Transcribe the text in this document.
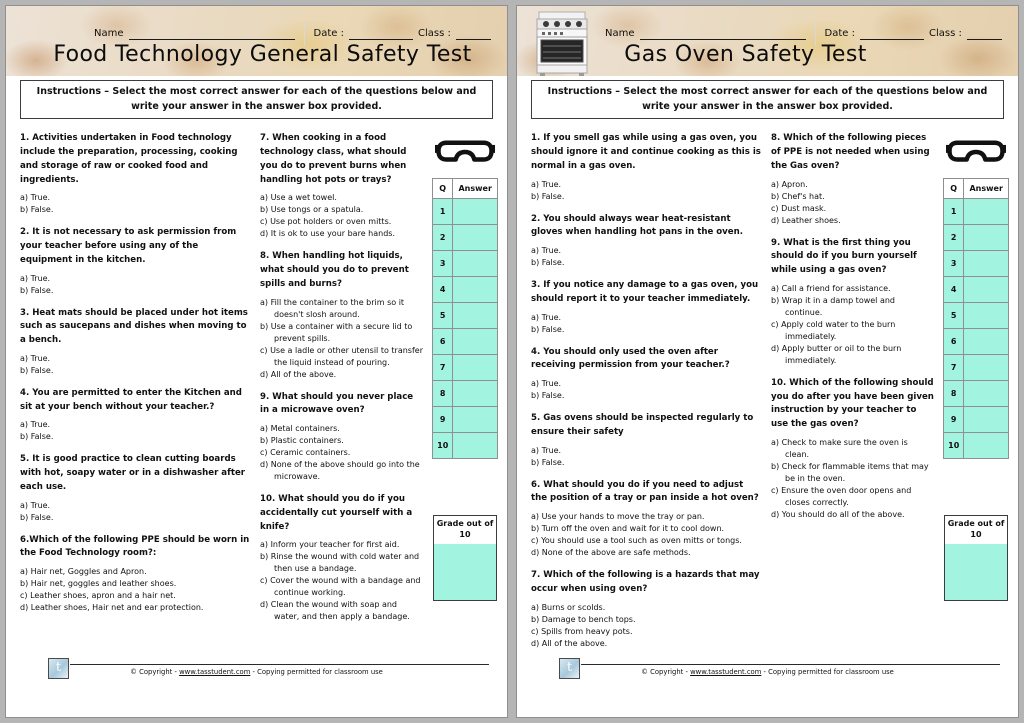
Name	Date :	Class :
Food Technology General Safety Test
Instructions – Select the most correct answer for each of the questions below and write your answer in the answer box provided.
1. Activities undertaken in Food technology include the preparation, processing, cooking and storage of raw or cooked food and ingredients.
a) True.
b) False.
2. It is not necessary to ask permission from your teacher before using any of the equipment in the kitchen.
a) True.
b) False.
3. Heat mats should be placed under hot items such as saucepans and dishes when moving to a bench.
a) True.
b) False.
4. You are permitted to enter the Kitchen and sit at your bench without your teacher.?
a) True.
b) False.
5. It is good practice to clean cutting boards with hot, soapy water or in a dishwasher after each use.
a) True.
b) False.
6.Which of the following PPE should be worn in the Food Technology room?:
a) Hair net, Goggles and Apron.
b) Hair net, goggles and leather shoes.
c) Leather shoes, apron and a hair net.
d) Leather shoes, Hair net and ear protection.
7. When cooking in a food technology class, what should you do to prevent burns when handling hot pots or trays?
a) Use a wet towel.
b) Use tongs or a spatula.
c) Use pot holders or oven mitts.
d) It is ok to use your bare hands.
8. When handling hot liquids, what should you do to prevent spills and burns?
a) Fill the container to the brim so it doesn't slosh around.
b) Use a container with a secure lid to prevent spills.
c) Use a ladle or other utensil to transfer the liquid instead of pouring.
d) All of the above.
9. What should you never place in a microwave oven?
a) Metal containers.
b) Plastic containers.
c) Ceramic containers.
d) None of the above should go into the microwave.
10. What should you do if you accidentally cut yourself with a knife?
a) Inform your teacher for first aid.
b) Rinse the wound with cold water and then use a bandage.
c) Cover the wound with a bandage and continue working.
d) Clean the wound with soap and water, and then apply a bandage.
Q	Answer
1	
2	
3	
4	
5	
6	
7	
8	
9	
10	
Grade out of
10
t	© Copyright - www.tasstudent.com - Copying permitted for classroom use
Name	Date :	Class :
Gas Oven Safety Test
Instructions – Select the most correct answer for each of the questions below and write your answer in the answer box provided.
1. If you smell gas while using a gas oven, you should ignore it and continue cooking as this is normal in a gas oven.
a) True.
b) False.
2. You should always wear heat-resistant gloves when handling hot pans in the oven.
a) True.
b) False.
3. If you notice any damage to a gas oven, you should report it to your teacher immediately.
a) True.
b) False.
4. You should only used the oven after receiving permission from your teacher.?
a) True.
b) False.
5. Gas ovens should be inspected regularly to ensure their safety
a) True.
b) False.
6. What should you do if you need to adjust the position of a tray or pan inside a hot oven?
a) Use your hands to move the tray or pan.
b) Turn off the oven and wait for it to cool down.
c) You should use a tool such as oven mitts or tongs.
d) None of the above are safe methods.
7. Which of the following is a hazards that may occur when using oven?
a) Burns or scolds.
b) Damage to bench tops.
c) Spills from heavy pots.
d) All of the above.
8. Which of the following pieces of PPE is not needed when using the Gas oven?
a) Apron.
b) Chef's hat.
c) Dust mask.
d) Leather shoes.
9. What is the first thing you should do if you burn yourself while using a gas oven?
a) Call a friend for assistance.
b) Wrap it in a damp towel and continue.
c) Apply cold water to the burn immediately.
d) Apply butter or oil to the burn immediately.
10. Which of the following should you do after you have been given instruction by your teacher to use the gas oven?
a) Check to make sure the oven is clean.
b) Check for flammable items that may be in the oven.
c) Ensure the oven door opens and closes correctly.
d) You should do all of the above.
Q	Answer
1	
2	
3	
4	
5	
6	
7	
8	
9	
10	
Grade out of
10
t	© Copyright - www.tasstudent.com - Copying permitted for classroom use
